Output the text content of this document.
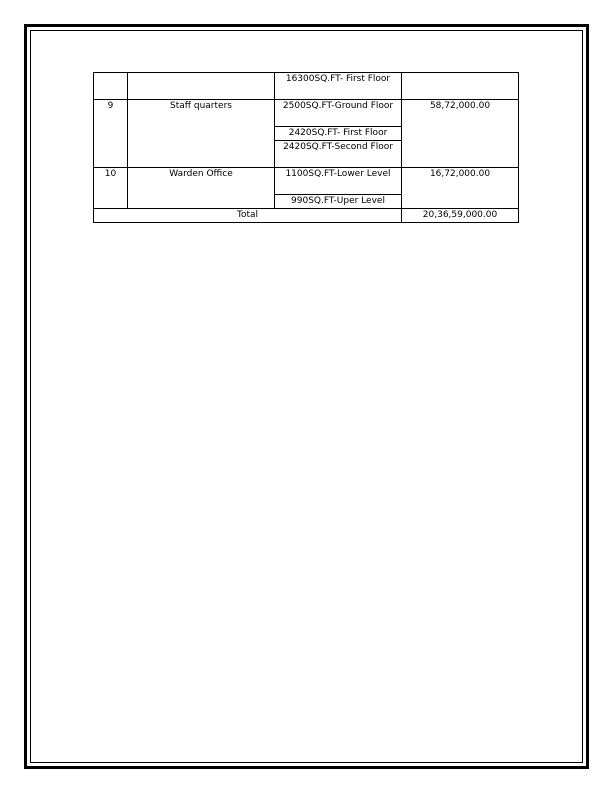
		16300SQ.FT- First Floor	
9	Staff quarters	2500SQ.FT-Ground Floor	58,72,000.00
		2420SQ.FT- First Floor	
		2420SQ.FT-Second Floor	
10	Warden Office	1100SQ.FT-Lower Level	16,72,000.00
		990SQ.FT-Uper Level	
Total			20,36,59,000.00
